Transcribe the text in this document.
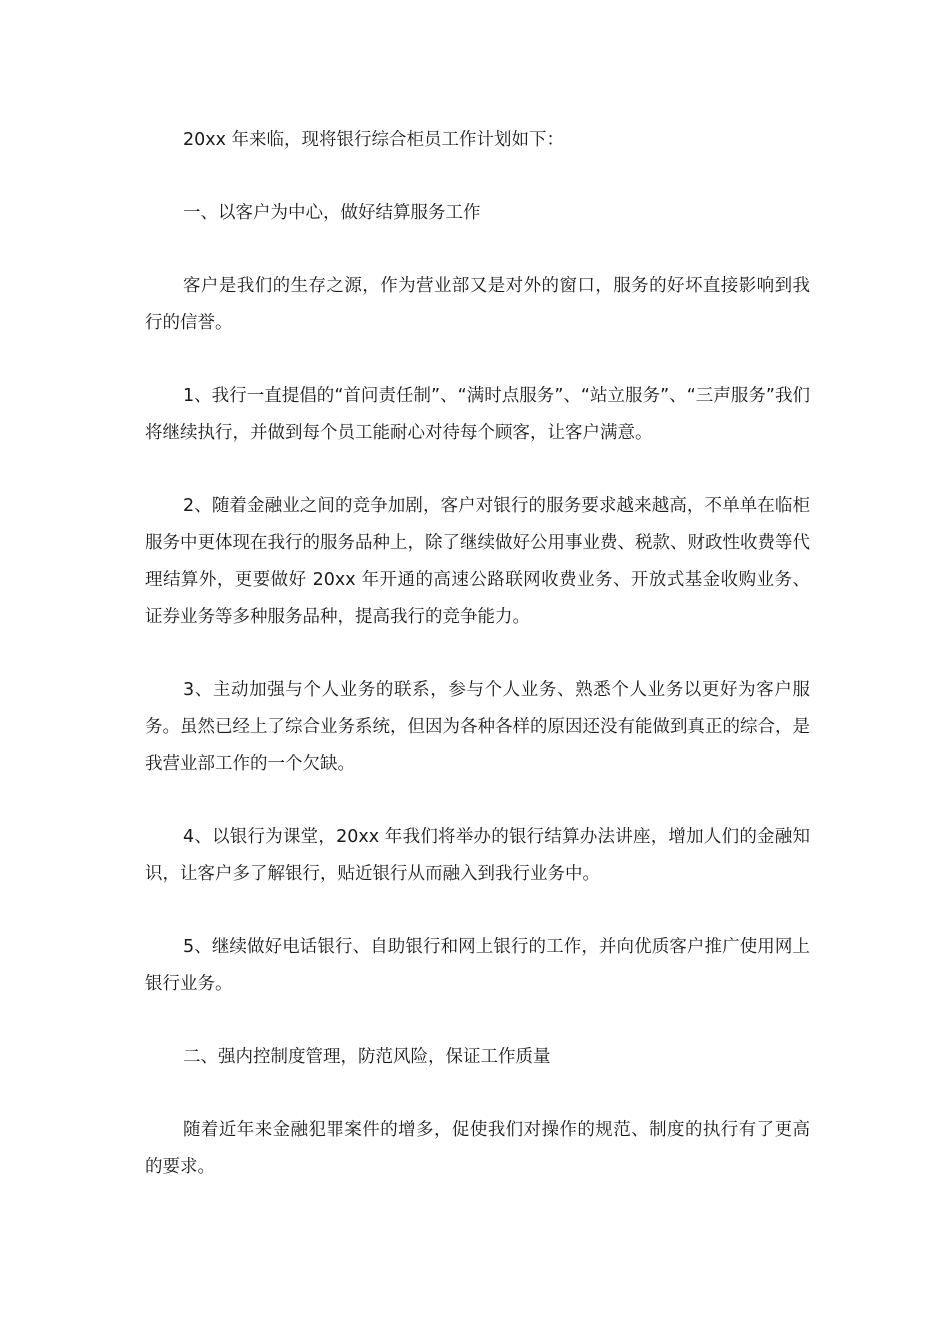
20xx 年来临，现将银行综合柜员工作计划如下：

一、以客户为中心，做好结算服务工作

客户是我们的生存之源，作为营业部又是对外的窗口，服务的好坏直接影响到我行的信誉。

1、我行一直提倡的“首问责任制”、“满时点服务”、“站立服务”、“三声服务”我们将继续执行，并做到每个员工能耐心对待每个顾客，让客户满意。

2、随着金融业之间的竞争加剧，客户对银行的服务要求越来越高，不单单在临柜服务中更体现在我行的服务品种上，除了继续做好公用事业费、税款、财政性收费等代理结算外，更要做好 20xx 年开通的高速公路联网收费业务、开放式基金收购业务、证券业务等多种服务品种，提高我行的竞争能力。

3、主动加强与个人业务的联系，参与个人业务、熟悉个人业务以更好为客户服务。虽然已经上了综合业务系统，但因为各种各样的原因还没有能做到真正的综合，是我营业部工作的一个欠缺。

4、以银行为课堂，20xx 年我们将举办的银行结算办法讲座，增加人们的金融知识，让客户多了解银行，贴近银行从而融入到我行业务中。

5、继续做好电话银行、自助银行和网上银行的工作，并向优质客户推广使用网上银行业务。

二、强内控制度管理，防范风险，保证工作质量

随着近年来金融犯罪案件的增多，促使我们对操作的规范、制度的执行有了更高的要求。
